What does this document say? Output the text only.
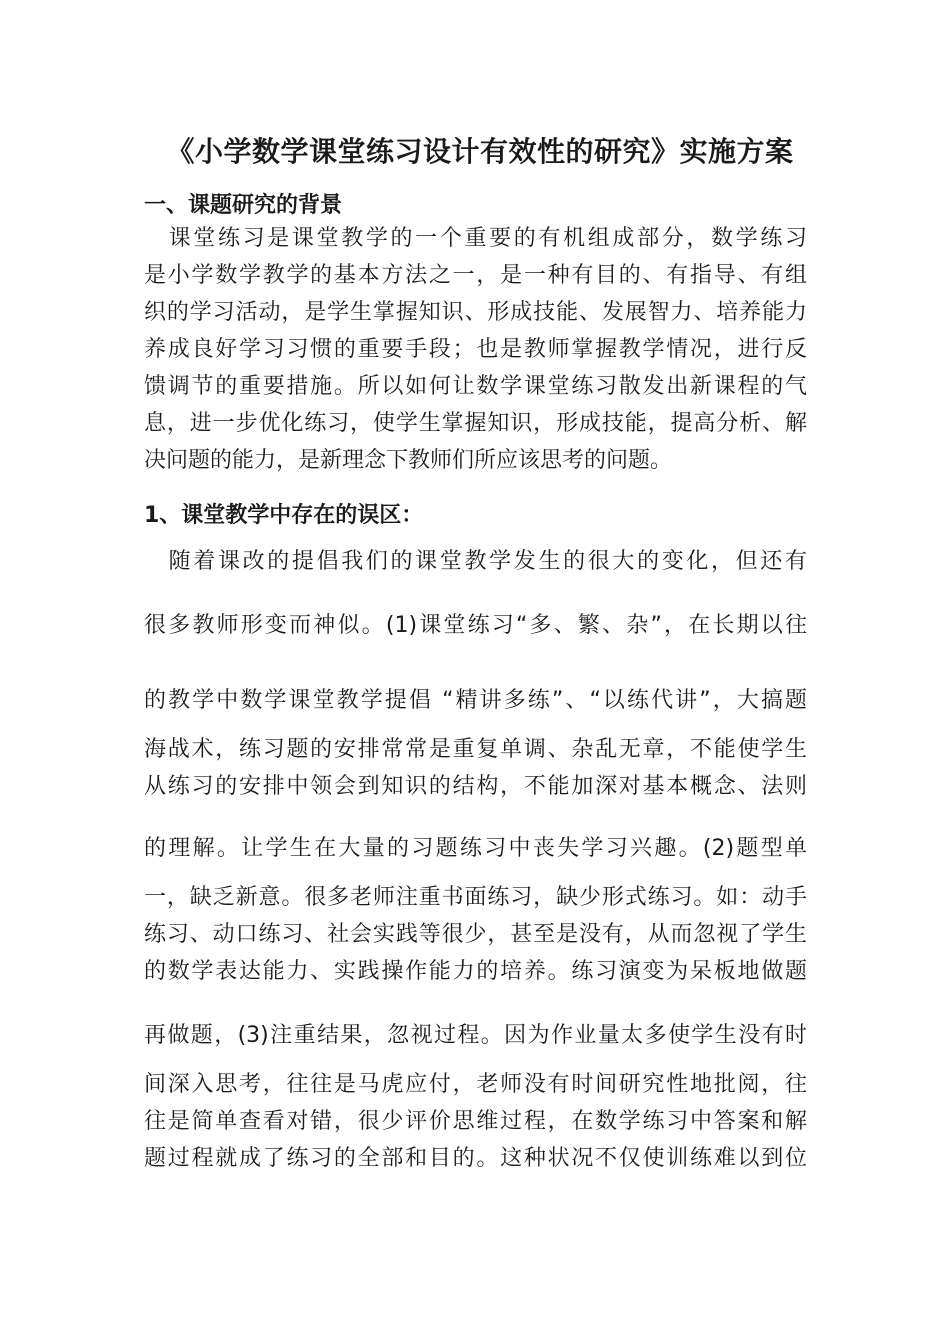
《小学数学课堂练习设计有效性的研究》实施方案
一、课题研究的背景
　课堂练习是课堂教学的一个重要的有机组成部分，数学练习
是小学数学教学的基本方法之一，是一种有目的、有指导、有组
织的学习活动，是学生掌握知识、形成技能、发展智力、培养能力
养成良好学习习惯的重要手段；也是教师掌握教学情况，进行反
馈调节的重要措施。所以如何让数学课堂练习散发出新课程的气
息，进一步优化练习，使学生掌握知识，形成技能，提高分析、解
决问题的能力，是新理念下教师们所应该思考的问题。
1、课堂教学中存在的误区：
　随着课改的提倡我们的课堂教学发生的很大的变化，但还有
很多教师形变而神似。(1)课堂练习“多、繁、杂”，在长期以往
的教学中数学课堂教学提倡 “精讲多练”、“以练代讲”，大搞题
海战术，练习题的安排常常是重复单调、杂乱无章，不能使学生
从练习的安排中领会到知识的结构，不能加深对基本概念、法则
的理解。让学生在大量的习题练习中丧失学习兴趣。(2)题型单
一，缺乏新意。很多老师注重书面练习，缺少形式练习。如：动手
练习、动口练习、社会实践等很少，甚至是没有，从而忽视了学生
的数学表达能力、实践操作能力的培养。练习演变为呆板地做题
再做题，(3)注重结果，忽视过程。因为作业量太多使学生没有时
间深入思考，往往是马虎应付，老师没有时间研究性地批阅，往
往是简单查看对错，很少评价思维过程，在数学练习中答案和解
题过程就成了练习的全部和目的。这种状况不仅使训练难以到位
